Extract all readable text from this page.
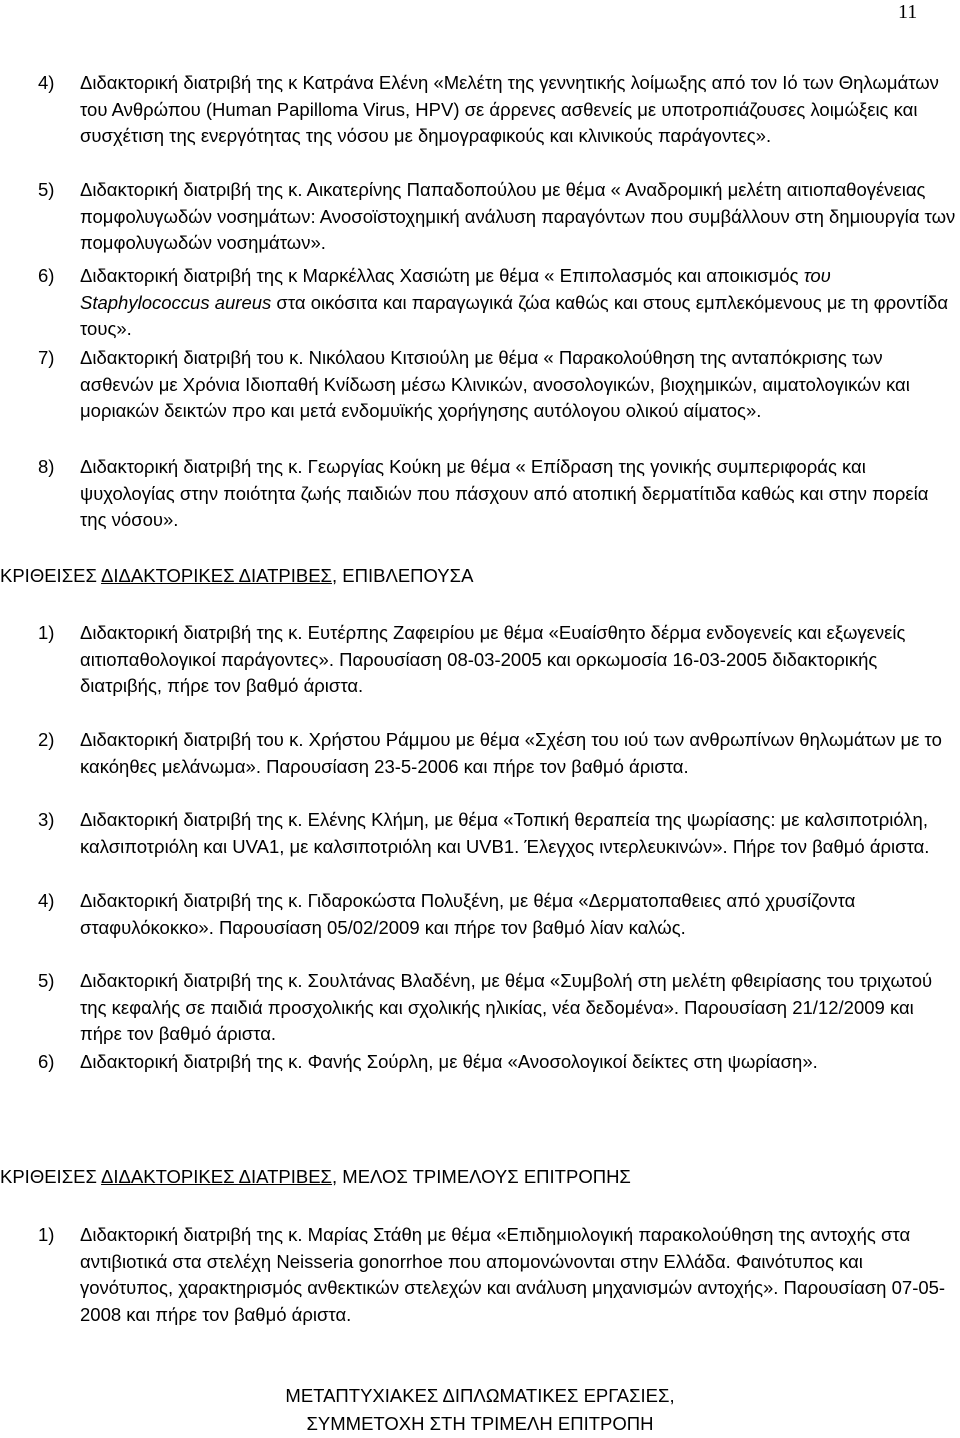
11
4) Διδακτορική διατριβή της κ Κατράνα Ελένη «Μελέτη της γεννητικής λοίμωξης από τον Ιό των Θηλωμάτων του Ανθρώπου (Human Papilloma Virus, HPV) σε άρρενες ασθενείς με υποτροπιάζουσες λοιμώξεις και συσχέτιση της ενεργότητας της νόσου με δημογραφικούς και κλινικούς παράγοντες».
5) Διδακτορική διατριβή της κ. Αικατερίνης Παπαδοπούλου με θέμα « Αναδρομική μελέτη αιτιοπαθογένειας πομφολυγωδών νοσημάτων: Ανοσοϊστοχημική ανάλυση παραγόντων που συμβάλλουν στη δημιουργία των πομφολυγωδών νοσημάτων».
6) Διδακτορική διατριβή της κ Μαρκέλλας Χασιώτη με θέμα « Επιπολασμός και αποικισμός του Staphylococcus aureus στα οικόσιτα και παραγωγικά ζώα καθώς και στους εμπλεκόμενους με τη φροντίδα τους».
7) Διδακτορική διατριβή του κ. Νικόλαου Κιτσιούλη με θέμα « Παρακολούθηση της ανταπόκρισης των ασθενών με Χρόνια Ιδιοπαθή Κνίδωση μέσω Κλινικών, ανοσολογικών, βιοχημικών, αιματολογικών και μοριακών δεικτών προ και μετά ενδομυϊκής χορήγησης αυτόλογου ολικού αίματος».
8) Διδακτορική διατριβή της κ. Γεωργίας Κούκη με θέμα « Επίδραση της γονικής συμπεριφοράς και ψυχολογίας στην ποιότητα ζωής παιδιών που πάσχουν από ατοπική δερματίτιδα καθώς και στην πορεία της νόσου».
ΚΡΙΘΕΙΣΕΣ ΔΙΔΑΚΤΟΡΙΚΕΣ ΔΙΑΤΡΙΒΕΣ, ΕΠΙΒΛΕΠΟΥΣΑ
1) Διδακτορική διατριβή της κ. Ευτέρπης Ζαφειρίου με θέμα «Ευαίσθητο δέρμα ενδογενείς και εξωγενείς αιτιοπαθολογικοί παράγοντες». Παρουσίαση 08-03-2005 και ορκωμοσία 16-03-2005 διδακτορικής διατριβής, πήρε τον βαθμό άριστα.
2) Διδακτορική διατριβή του κ. Χρήστου Ράμμου με θέμα «Σχέση του ιού των ανθρωπίνων θηλωμάτων με το κακόηθες μελάνωμα». Παρουσίαση 23-5-2006 και πήρε τον βαθμό άριστα.
3) Διδακτορική διατριβή της κ. Ελένης Κλήμη, με θέμα «Τοπική θεραπεία της ψωρίασης: με καλσιποτριόλη, καλσιποτριόλη και UVA1, με καλσιποτριόλη και UVB1. Έλεγχος ιντερλευκινών». Πήρε τον βαθμό άριστα.
4) Διδακτορική διατριβή της κ. Γιδαροκώστα Πολυξένη, με θέμα «Δερματοπαθειες από χρυσίζοντα σταφυλόκοκκο». Παρουσίαση 05/02/2009 και πήρε τον βαθμό λίαν καλώς.
5) Διδακτορική διατριβή της κ. Σουλτάνας Βλαδένη, με θέμα «Συμβολή στη μελέτη φθειρίασης του τριχωτού της κεφαλής σε παιδιά προσχολικής και σχολικής ηλικίας, νέα δεδομένα». Παρουσίαση 21/12/2009 και πήρε τον βαθμό άριστα.
6) Διδακτορική διατριβή της κ. Φανής Σούρλη, με θέμα «Ανοσολογικοί δείκτες στη ψωρίαση».
ΚΡΙΘΕΙΣΕΣ ΔΙΔΑΚΤΟΡΙΚΕΣ ΔΙΑΤΡΙΒΕΣ, ΜΕΛΟΣ ΤΡΙΜΕΛΟΥΣ ΕΠΙΤΡΟΠΗΣ
1) Διδακτορική διατριβή της κ. Μαρίας Στάθη με θέμα «Επιδημιολογική παρακολούθηση της αντοχής στα αντιβιοτικά στα στελέχη Neisseria gonorrhoe που απομονώνονται στην Ελλάδα. Φαινότυπος και γονότυπος, χαρακτηρισμός ανθεκτικών στελεχών και ανάλυση μηχανισμών αντοχής». Παρουσίαση 07-05-2008 και πήρε τον βαθμό άριστα.
ΜΕΤΑΠΤΥΧΙΑΚΕΣ ΔΙΠΛΩΜΑΤΙΚΕΣ ΕΡΓΑΣΙΕΣ,
ΣΥΜΜΕΤΟΧΗ ΣΤΗ ΤΡΙΜΕΛΗ ΕΠΙΤΡΟΠΗ
